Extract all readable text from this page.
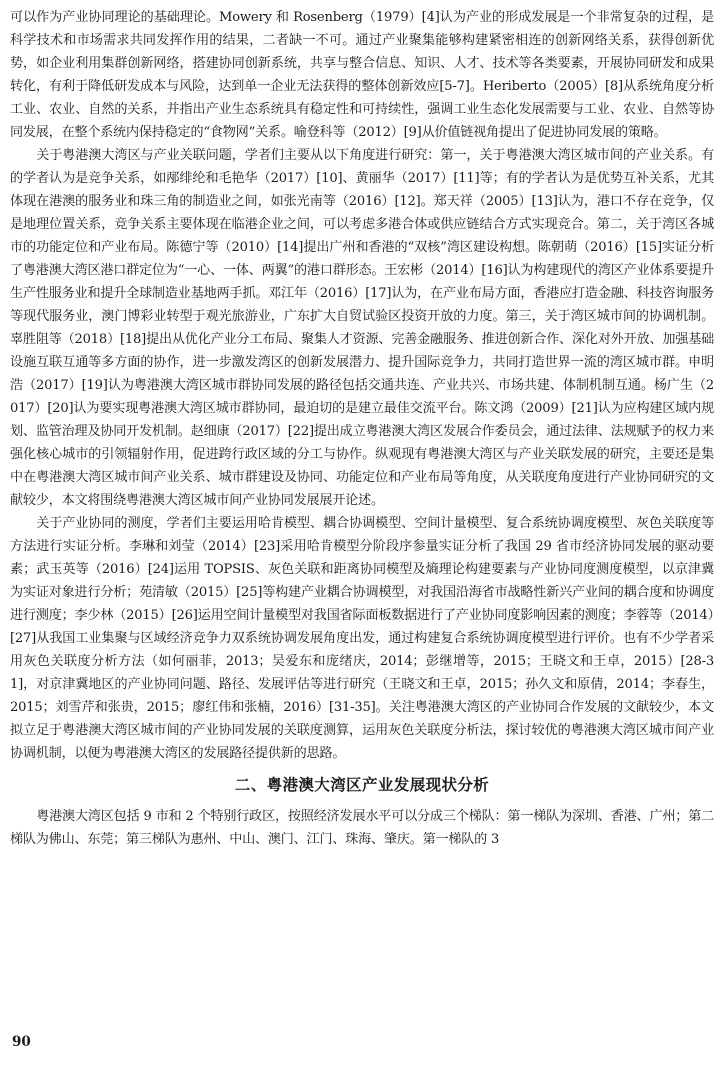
可以作为产业协同理论的基础理论。Mowery 和 Rosenberg（1979）[4]认为产业的形成发展是一个非常复杂的过程，是科学技术和市场需求共同发挥作用的结果，二者缺一不可。通过产业聚集能够构建紧密相连的创新网络关系，获得创新优势，如企业利用集群创新网络，搭建协同创新系统，共享与整合信息、知识、人才、技术等各类要素，开展协同研发和成果转化，有利于降低研发成本与风险，达到单一企业无法获得的整体创新效应[5-7]。Heriberto（2005）[8]从系统角度分析工业、农业、自然的关系，并指出产业生态系统具有稳定性和可持续性，强调工业生态化发展需要与工业、农业、自然等协同发展，在整个系统内保持稳定的“食物网”关系。喻登科等（2012）[9]从价值链视角提出了促进协同发展的策略。

关于粤港澳大湾区与产业关联问题，学者们主要从以下角度进行研究：第一，关于粤港澳大湾区城市间的产业关系。有的学者认为是竞争关系，如邴绯纶和毛艳华（2017）[10]、黄丽华（2017）[11]等；有的学者认为是优势互补关系，尤其体现在港澳的服务业和珠三角的制造业之间，如张光南等（2016）[12]。郑天祥（2005）[13]认为，港口不存在竞争，仅是地理位置关系，竞争关系主要体现在临港企业之间，可以考虑多港合体或供应链结合方式实现竞合。第二，关于湾区各城市的功能定位和产业布局。陈德宁等（2010）[14]提出广州和香港的“双核”湾区建设构想。陈朝萌（2016）[15]实证分析了粤港澳大湾区港口群定位为“一心、一体、两翼”的港口群形态。王宏彬（2014）[16]认为构建现代的湾区产业体系要提升生产性服务业和提升全球制造业基地两手抓。邓江年（2016）[17]认为，在产业布局方面，香港应打造金融、科技咨询服务等现代服务业，澳门博彩业转型于观光旅游业，广东扩大自贸试验区投资开放的力度。第三，关于湾区城市间的协调机制。辜胜阻等（2018）[18]提出从优化产业分工布局、聚集人才资源、完善金融服务、推进创新合作、深化对外开放、加强基础设施互联互通等多方面的协作，进一步激发湾区的创新发展潜力、提升国际竞争力，共同打造世界一流的湾区城市群。申明浩（2017）[19]认为粤港澳大湾区城市群协同发展的路径包括交通共连、产业共兴、市场共建、体制机制互通。杨广生（2017）[20]认为要实现粤港澳大湾区城市群协同，最迫切的是建立最佳交流平台。陈文鸿（2009）[21]认为应构建区域内规划、监管治理及协同开发机制。赵细康（2017）[22]提出成立粤港澳大湾区发展合作委员会，通过法律、法规赋予的权力来强化核心城市的引领辐射作用，促进跨行政区域的分工与协作。纵观现有粤港澳大湾区与产业关联发展的研究，主要还是集中在粤港澳大湾区城市间产业关系、城市群建设及协同、功能定位和产业布局等角度，从关联度角度进行产业协同研究的文献较少，本文将围绕粤港澳大湾区城市间产业协同发展展开论述。

关于产业协同的测度，学者们主要运用哈肯模型、耦合协调模型、空间计量模型、复合系统协调度模型、灰色关联度等方法进行实证分析。李琳和刘莹（2014）[23]采用哈肯模型分阶段序参量实证分析了我国 29 省市经济协同发展的驱动要素；武玉英等（2016）[24]运用 TOPSIS、灰色关联和距离协同模型及熵理论构建要素与产业协同度测度模型，以京津冀为实证对象进行分析；苑清敏（2015）[25]等构建产业耦合协调模型，对我国沿海省市战略性新兴产业间的耦合度和协调度进行测度；李少林（2015）[26]运用空间计量模型对我国省际面板数据进行了产业协同度影响因素的测度；李蓉等（2014）[27]从我国工业集聚与区域经济竞争力双系统协调发展角度出发，通过构建复合系统协调度模型进行评价。也有不少学者采用灰色关联度分析方法（如何丽菲，2013；吴爱东和庞绪庆，2014；彭继增等，2015；王晓文和王卓，2015）[28-31]，对京津冀地区的产业协同问题、路径、发展评估等进行研究（王晓文和王卓，2015；孙久文和原倩，2014；李春生，2015；刘雪芹和张贵，2015；廖红伟和张楠，2016）[31-35]。关注粤港澳大湾区的产业协同合作发展的文献较少，本文拟立足于粤港澳大湾区城市间的产业协同发展的关联度测算，运用灰色关联度分析法，探讨较优的粤港澳大湾区城市间产业协调机制，以便为粤港澳大湾区的发展路径提供新的思路。

二、粤港澳大湾区产业发展现状分析

粤港澳大湾区包括 9 市和 2 个特别行政区，按照经济发展水平可以分成三个梯队：第一梯队为深圳、香港、广州；第二梯队为佛山、东莞；第三梯队为惠州、中山、澳门、江门、珠海、肇庆。第一梯队的 3

90
